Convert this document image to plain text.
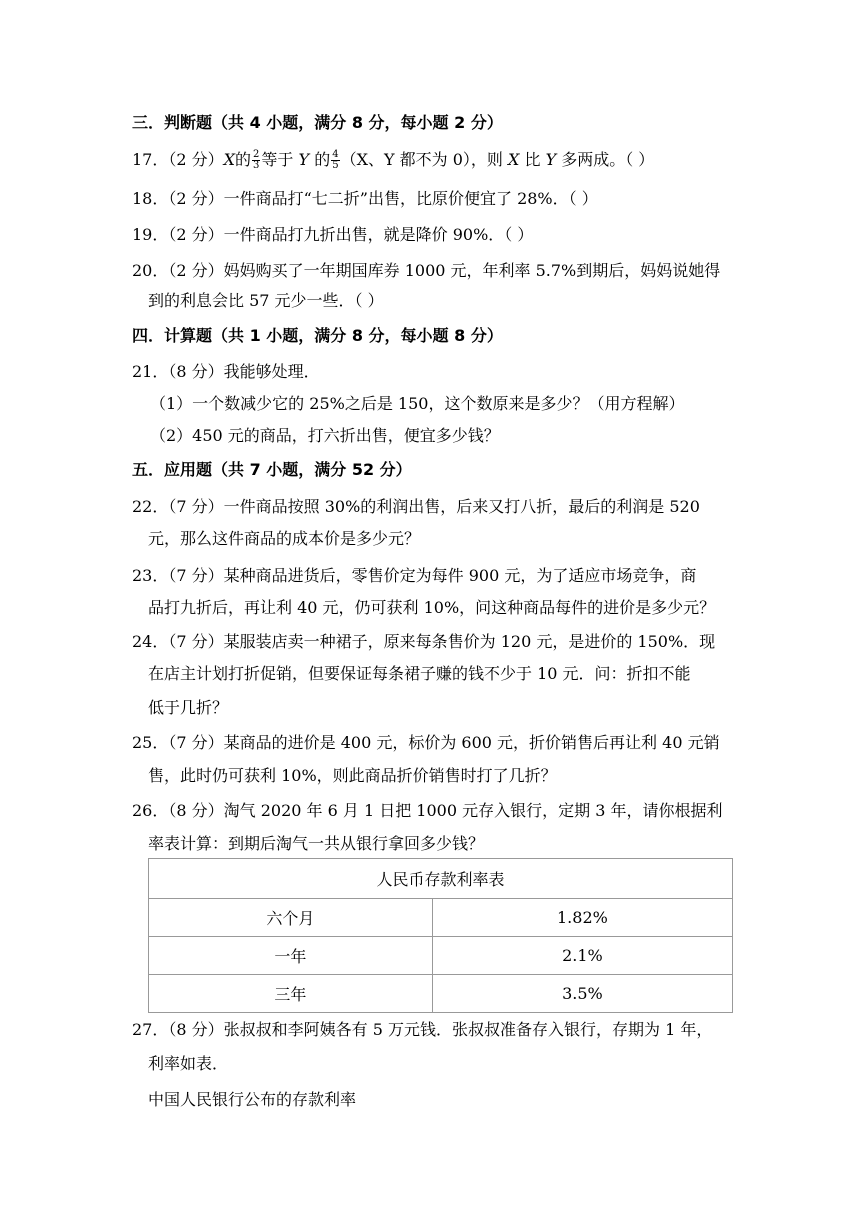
三．判断题（共 4 小题，满分 8 分，每小题 2 分）
17．（2 分）X的 $\frac{2}{3}$ 等于 Y 的 $\frac{4}{5} (X$、Y 都不为 0），则 X 比 Y 多两成。（ ）
18．（2 分）一件商品打“七二折”出售，比原价便宜了 28%．（ ）
19．（2 分）一件商品打九折出售，就是降价 90%．（ ）
20．（2 分）妈妈购买了一年期国库券 1000 元，年利率 5.7%到期后，妈妈说她得
到的利息会比 57 元少一些．（ ）
四．计算题（共 1 小题，满分 8 分，每小题 8 分）
21．（8 分）我能够处理．
（1）一个数减少它的 25%之后是 150，这个数原来是多少？（用方程解）
（2）450 元的商品，打六折出售，便宜多少钱？
五．应用题（共 7 小题，满分 52 分）
22．（7 分）一件商品按照 30%的利润出售，后来又打八折，最后的利润是 520
元，那么这件商品的成本价是多少元？
23．（7 分）某种商品进货后，零售价定为每件 900 元，为了适应市场竞争，商
品打九折后，再让利 40 元，仍可获利 10%，问这种商品每件的进价是多少元？
24．（7 分）某服装店卖一种裙子，原来每条售价为 120 元，是进价的 150%．现
在店主计划打折促销，但要保证每条裙子赚的钱不少于 10 元．问：折扣不能
低于几折？
25．（7 分）某商品的进价是 400 元，标价为 600 元，折价销售后再让利 40 元销
售，此时仍可获利 10%，则此商品折价销售时打了几折？
26．（8 分）淘气 2020 年 6 月 1 日把 1000 元存入银行，定期 3 年，请你根据利
率表计算：到期后淘气一共从银行拿回多少钱？
人民币存款利率表	
六个月	1.82%
一年	2.1%
三年	3.5%
27．（8 分）张叔叔和李阿姨各有 5 万元钱．张叔叔准备存入银行，存期为 1 年，
利率如表．
中国人民银行公布的存款利率
